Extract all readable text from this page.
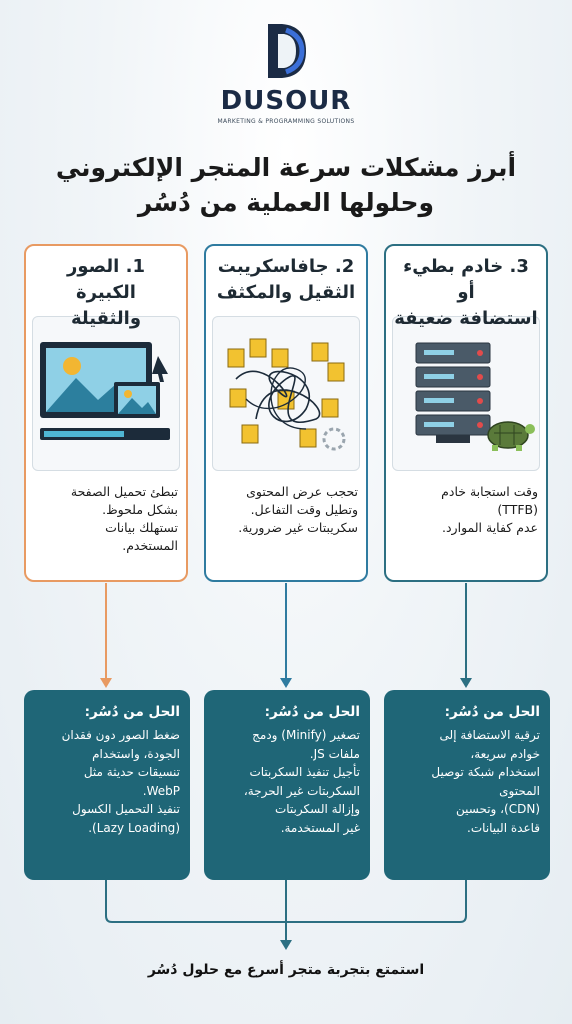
DUSOUR
MARKETING & PROGRAMMING SOLUTIONS
أبرز مشكلات سرعة المتجر الإلكتروني
وحلولها العملية من دُسُر
1. الصور الكبيرة
والثقيلة
تبطئ تحميل الصفحة
بشكل ملحوظ.
تستهلك بيانات
المستخدم.
2. جافاسكريبت
الثقيل والمكثف
تحجب عرض المحتوى
وتطيل وقت التفاعل.
سكريبتات غير ضرورية.
3. خادم بطيء أو
استضافة ضعيفة
وقت استجابة خادم
(TTFB)
عدم كفاية الموارد.
الحل من دُسُر:
ضغط الصور دون فقدان
الجودة، واستخدام
تنسيقات حديثة مثل
WebP.
تنفيذ التحميل الكسول
(Lazy Loading).
الحل من دُسُر:
تصغير (Minify) ودمج
ملفات JS.
تأجيل تنفيذ السكربتات
السكربتات غير الحرجة،
وإزالة السكربتات
غير المستخدمة.
الحل من دُسُر:
ترقية الاستضافة إلى
خوادم سريعة،
استخدام شبكة توصيل
المحتوى
(CDN)، وتحسين
قاعدة البيانات.
استمتع بتجربة متجر أسرع مع حلول دُسُر
